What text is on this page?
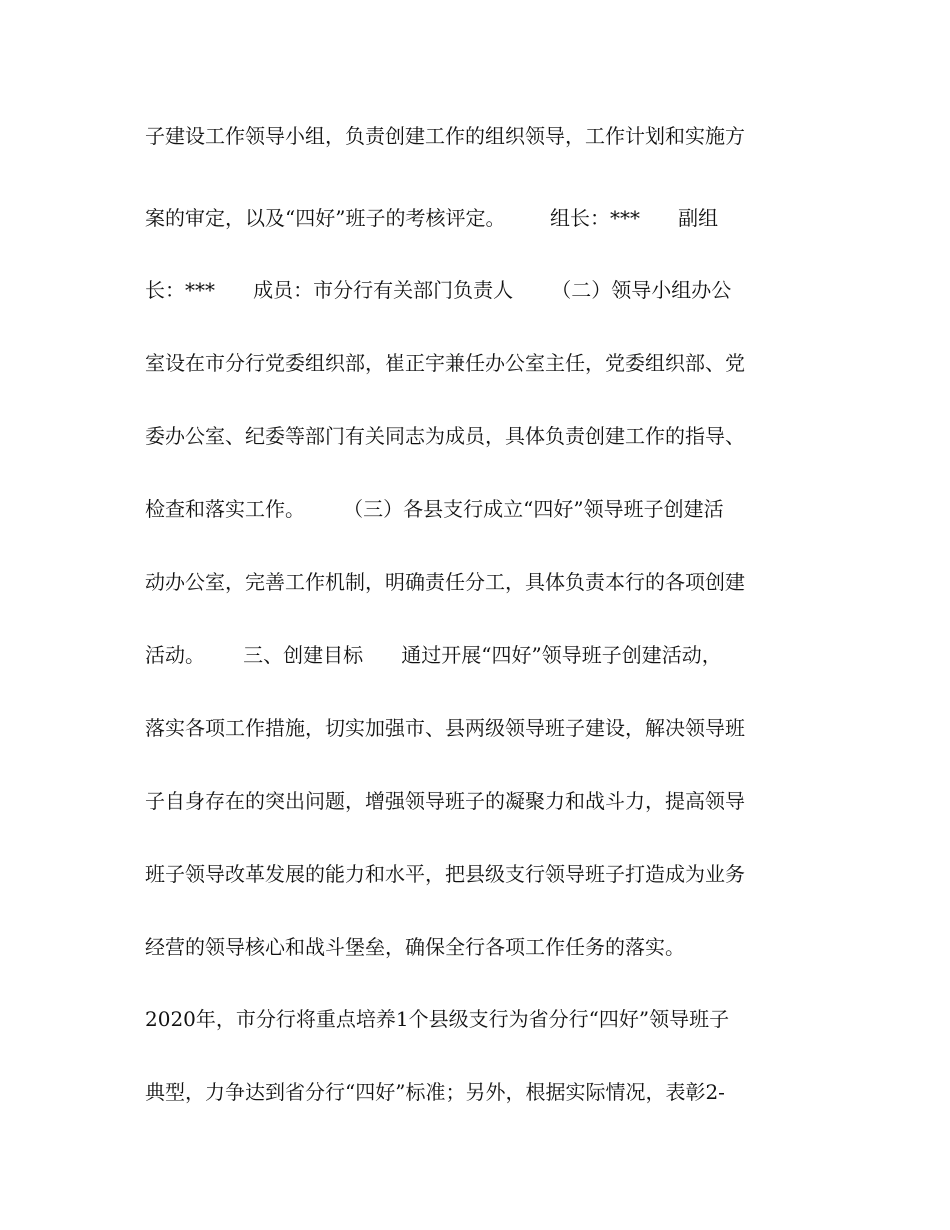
子建设工作领导小组，负责创建工作的组织领导，工作计划和实施方
案的审定，以及“四好”班子的考核评定。       组长：***      副组
长：***      成员：市分行有关部门负责人      （二）领导小组办公
室设在市分行党委组织部，崔正宇兼任办公室主任，党委组织部、党
委办公室、纪委等部门有关同志为成员，具体负责创建工作的指导、
检查和落实工作。      （三）各县支行成立“四好”领导班子创建活
动办公室，完善工作机制，明确责任分工，具体负责本行的各项创建
活动。      三、创建目标      通过开展“四好”领导班子创建活动，
落实各项工作措施，切实加强市、县两级领导班子建设，解决领导班
子自身存在的突出问题，增强领导班子的凝聚力和战斗力，提高领导
班子领导改革发展的能力和水平，把县级支行领导班子打造成为业务
经营的领导核心和战斗堡垒，确保全行各项工作任务的落实。
2020年，市分行将重点培养1个县级支行为省分行“四好”领导班子
典型，力争达到省分行“四好”标准；另外，根据实际情况，表彰2-
